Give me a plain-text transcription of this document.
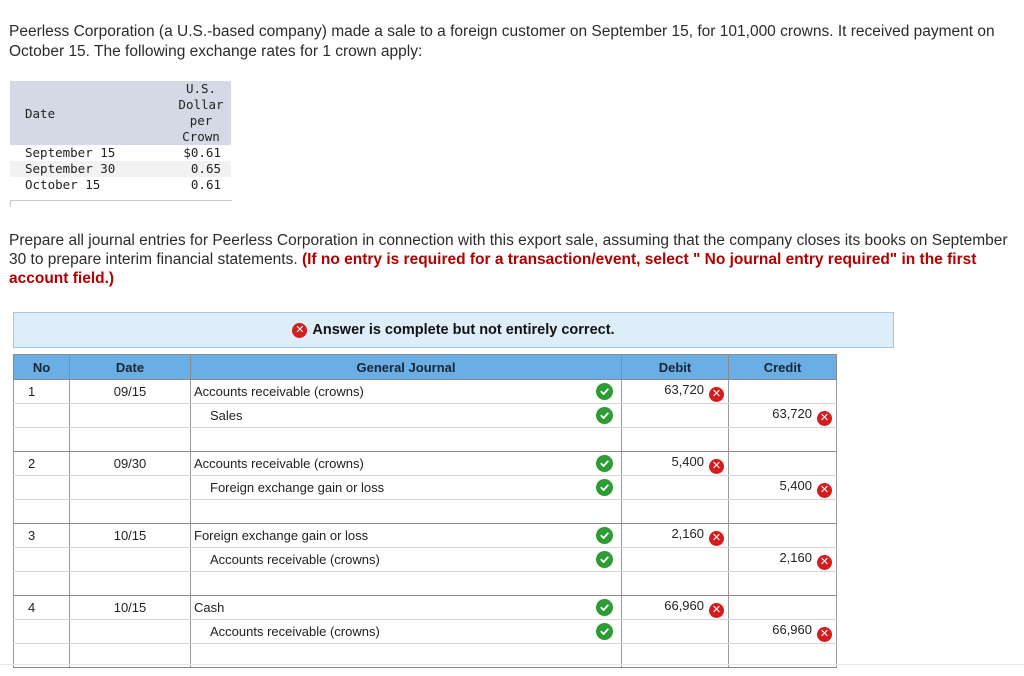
Peerless Corporation (a U.S.-based company) made a sale to a foreign customer on September 15, for 101,000 crowns. It received payment on October 15. The following exchange rates for 1 crown apply:
Date	U.S.
Dollar
per
Crown

September 15	$0.61
September 30	0.65
October 15	0.61
Prepare all journal entries for Peerless Corporation in connection with this export sale, assuming that the company closes its books on September 30 to prepare interim financial statements. (If no entry is required for a transaction/event, select " No journal entry required" in the first account field.)
✕ Answer is complete but not entirely correct.
No	Date	General Journal	Debit	Credit
1	09/15	Accounts receivable (crowns)	63,720 ✕	
		Sales		63,720 ✕

2	09/30	Accounts receivable (crowns)	5,400 ✕	
		Foreign exchange gain or loss		5,400 ✕

3	10/15	Foreign exchange gain or loss	2,160 ✕	
		Accounts receivable (crowns)		2,160 ✕

4	10/15	Cash	66,960 ✕	
		Accounts receivable (crowns)		66,960 ✕
